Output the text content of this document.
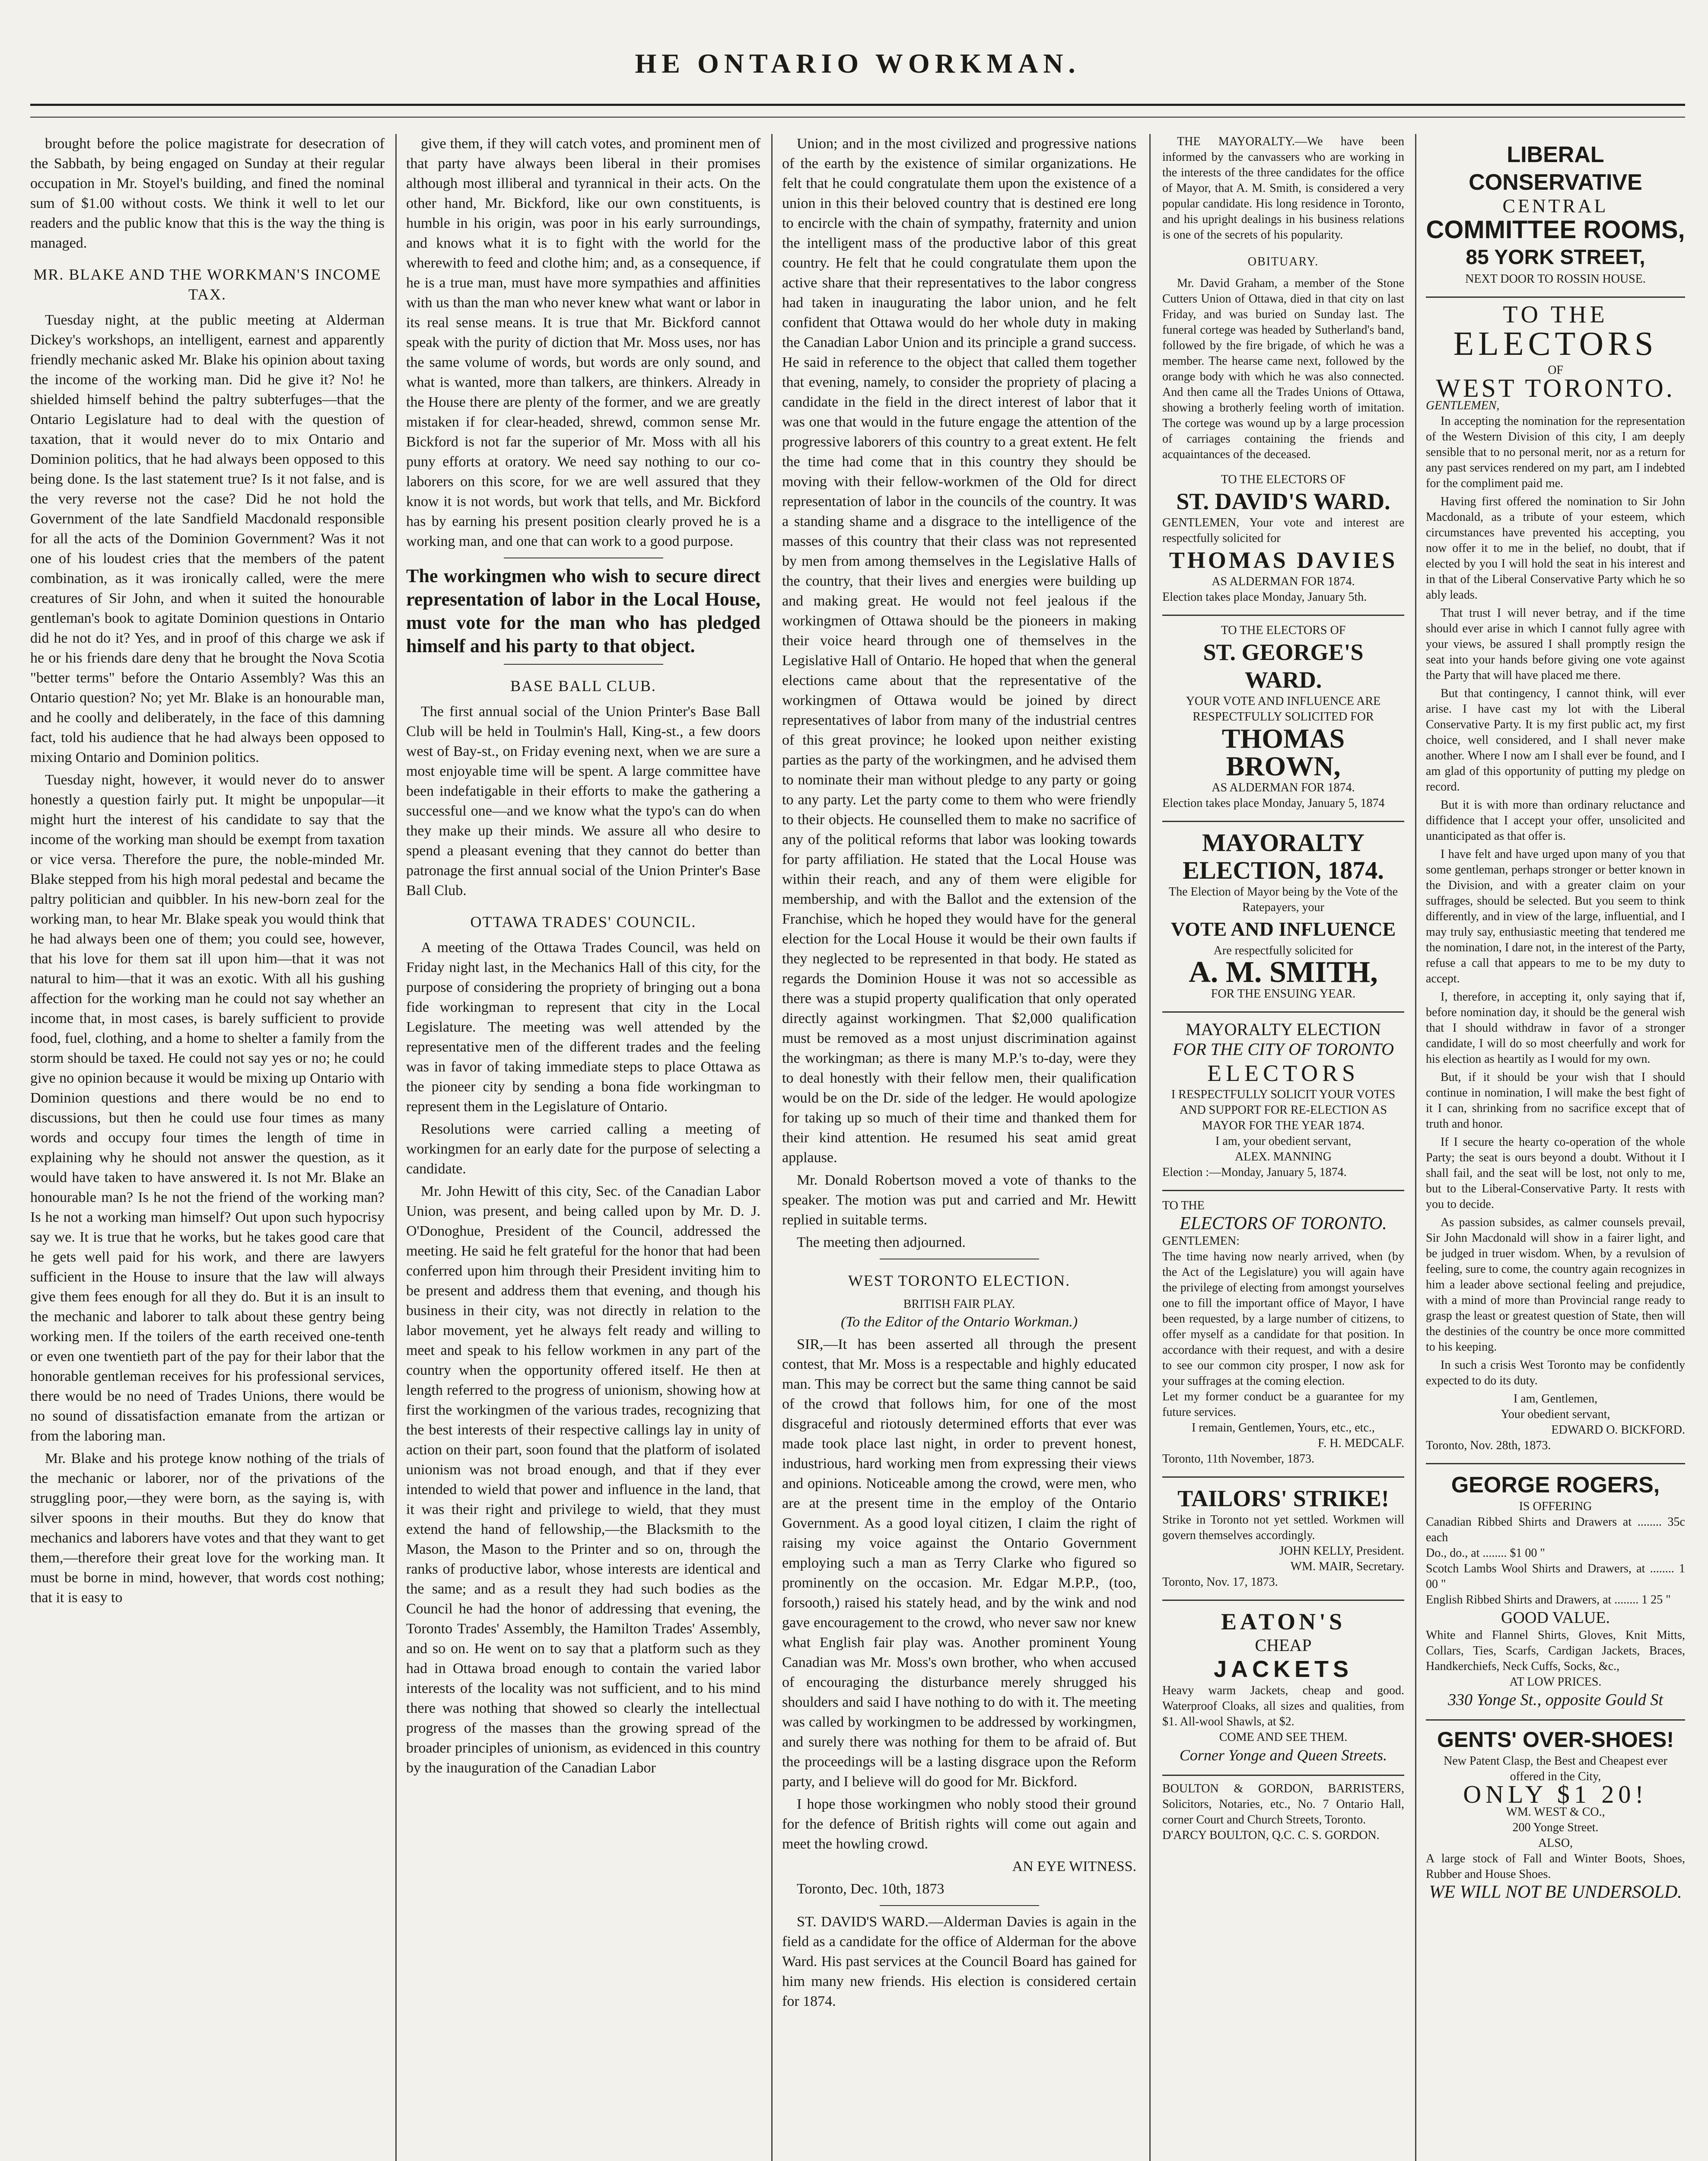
HE ONTARIO WORKMAN.

brought before the police magistrate for desecration of the Sabbath, by being engaged on Sunday at their regular occupation in Mr. Stoyel's building, and fined the nominal sum of $1.00 without costs. We think it well to let our readers and the public know that this is the way the thing is managed.

MR. BLAKE AND THE WORKMAN'S INCOME TAX.

Tuesday night, at the public meeting at Alderman Dickey's workshops, an intelligent, earnest and apparently friendly mechanic asked Mr. Blake his opinion about taxing the income of the working man. Did he give it? No! he shielded himself behind the paltry subterfuges—that the Ontario Legislature had to deal with the question of taxation, that it would never do to mix Ontario and Dominion politics, that he had always been opposed to this being done. Is the last statement true? Is it not false, and is the very reverse not the case? Did he not hold the Government of the late Sandfield Macdonald responsible for all the acts of the Dominion Government? Was it not one of his loudest cries that the members of the patent combination, as it was ironically called, were the mere creatures of Sir John, and when it suited the honourable gentleman's book to agitate Dominion questions in Ontario did he not do it? Yes, and in proof of this charge we ask if he or his friends dare deny that he brought the Nova Scotia "better terms" before the Ontario Assembly? Was this an Ontario question? No; yet Mr. Blake is an honourable man, and he coolly and deliberately, in the face of this damning fact, told his audience that he had always been opposed to mixing Ontario and Dominion politics.

Tuesday night, however, it would never do to answer honestly a question fairly put. It might be unpopular—it might hurt the interest of his candidate to say that the income of the working man should be exempt from taxation or vice versa. Therefore the pure, the noble-minded Mr. Blake stepped from his high moral pedestal and became the paltry politician and quibbler. In his new-born zeal for the working man, to hear Mr. Blake speak you would think that he had always been one of them; you could see, however, that his love for them sat ill upon him—that it was not natural to him—that it was an exotic. With all his gushing affection for the working man he could not say whether an income that, in most cases, is barely sufficient to provide food, fuel, clothing, and a home to shelter a family from the storm should be taxed. He could not say yes or no; he could give no opinion because it would be mixing up Ontario with Dominion questions and there would be no end to discussions, but then he could use four times as many words and occupy four times the length of time in explaining why he should not answer the question, as it would have taken to have answered it. Is not Mr. Blake an honourable man? Is he not the friend of the working man? Is he not a working man himself? Out upon such hypocrisy say we. It is true that he works, but he takes good care that he gets well paid for his work, and there are lawyers sufficient in the House to insure that the law will always give them fees enough for all they do. But it is an insult to the mechanic and laborer to talk about these gentry being working men. If the toilers of the earth received one-tenth or even one twentieth part of the pay for their labor that the honorable gentleman receives for his professional services, there would be no need of Trades Unions, there would be no sound of dissatisfaction emanate from the artizan or from the laboring man.

Mr. Blake and his protege know nothing of the trials of the mechanic or laborer, nor of the privations of the struggling poor,—they were born, as the saying is, with silver spoons in their mouths. But they do know that mechanics and laborers have votes and that they want to get them,—therefore their great love for the working man. It must be borne in mind, however, that words cost nothing; that it is easy to

give them, if they will catch votes, and prominent men of that party have always been liberal in their promises although most illiberal and tyrannical in their acts. On the other hand, Mr. Bickford, like our own constituents, is humble in his origin, was poor in his early surroundings, and knows what it is to fight with the world for the wherewith to feed and clothe him; and, as a consequence, if he is a true man, must have more sympathies and affinities with us than the man who never knew what want or labor in its real sense means. It is true that Mr. Bickford cannot speak with the purity of diction that Mr. Moss uses, nor has the same volume of words, but words are only sound, and what is wanted, more than talkers, are thinkers. Already in the House there are plenty of the former, and we are greatly mistaken if for clear-headed, shrewd, common sense Mr. Bickford is not far the superior of Mr. Moss with all his puny efforts at oratory. We need say nothing to our co-laborers on this score, for we are well assured that they know it is not words, but work that tells, and Mr. Bickford has by earning his present position clearly proved he is a working man, and one that can work to a good purpose.

The workingmen who wish to secure direct representation of labor in the Local House, must vote for the man who has pledged himself and his party to that object.

BASE BALL CLUB.

The first annual social of the Union Printer's Base Ball Club will be held in Toulmin's Hall, King-st., a few doors west of Bay-st., on Friday evening next, when we are sure a most enjoyable time will be spent. A large committee have been indefatigable in their efforts to make the gathering a successful one—and we know what the typo's can do when they make up their minds. We assure all who desire to spend a pleasant evening that they cannot do better than patronage the first annual social of the Union Printer's Base Ball Club.

OTTAWA TRADES' COUNCIL.

A meeting of the Ottawa Trades Council, was held on Friday night last, in the Mechanics Hall of this city, for the purpose of considering the propriety of bringing out a bona fide workingman to represent that city in the Local Legislature. The meeting was well attended by the representative men of the different trades and the feeling was in favor of taking immediate steps to place Ottawa as the pioneer city by sending a bona fide workingman to represent them in the Legislature of Ontario.

Resolutions were carried calling a meeting of workingmen for an early date for the purpose of selecting a candidate.

Mr. John Hewitt of this city, Sec. of the Canadian Labor Union, was present, and being called upon by Mr. D. J. O'Donoghue, President of the Council, addressed the meeting. He said he felt grateful for the honor that had been conferred upon him through their President inviting him to be present and address them that evening, and though his business in their city, was not directly in relation to the labor movement, yet he always felt ready and willing to meet and speak to his fellow workmen in any part of the country when the opportunity offered itself. He then at length referred to the progress of unionism, showing how at first the workingmen of the various trades, recognizing that the best interests of their respective callings lay in unity of action on their part, soon found that the platform of isolated unionism was not broad enough, and that if they ever intended to wield that power and influence in the land, that it was their right and privilege to wield, that they must extend the hand of fellowship,—the Blacksmith to the Mason, the Mason to the Printer and so on, through the ranks of productive labor, whose interests are identical and the same; and as a result they had such bodies as the Council he had the honor of addressing that evening, the Toronto Trades' Assembly, the Hamilton Trades' Assembly, and so on. He went on to say that a platform such as they had in Ottawa broad enough to contain the varied labor interests of the locality was not sufficient, and to his mind there was nothing that showed so clearly the intellectual progress of the masses than the growing spread of the broader principles of unionism, as evidenced in this country by the inauguration of the Canadian Labor

Union; and in the most civilized and progressive nations of the earth by the existence of similar organizations. He felt that he could congratulate them upon the existence of a union in this their beloved country that is destined ere long to encircle with the chain of sympathy, fraternity and union the intelligent mass of the productive labor of this great country. He felt that he could congratulate them upon the active share that their representatives to the labor congress had taken in inaugurating the labor union, and he felt confident that Ottawa would do her whole duty in making the Canadian Labor Union and its principle a grand success. He said in reference to the object that called them together that evening, namely, to consider the propriety of placing a candidate in the field in the direct interest of labor that it was one that would in the future engage the attention of the progressive laborers of this country to a great extent. He felt the time had come that in this country they should be moving with their fellow-workmen of the Old for direct representation of labor in the councils of the country. It was a standing shame and a disgrace to the intelligence of the masses of this country that their class was not represented by men from among themselves in the Legislative Halls of the country, that their lives and energies were building up and making great. He would not feel jealous if the workingmen of Ottawa should be the pioneers in making their voice heard through one of themselves in the Legislative Hall of Ontario. He hoped that when the general elections came about that the representative of the workingmen of Ottawa would be joined by direct representatives of labor from many of the industrial centres of this great province; he looked upon neither existing parties as the party of the workingmen, and he advised them to nominate their man without pledge to any party or going to any party. Let the party come to them who were friendly to their objects. He counselled them to make no sacrifice of any of the political reforms that labor was looking towards for party affiliation. He stated that the Local House was within their reach, and any of them were eligible for membership, and with the Ballot and the extension of the Franchise, which he hoped they would have for the general election for the Local House it would be their own faults if they neglected to be represented in that body. He stated as regards the Dominion House it was not so accessible as there was a stupid property qualification that only operated directly against workingmen. That $2,000 qualification must be removed as a most unjust discrimination against the workingman; as there is many M.P.'s to-day, were they to deal honestly with their fellow men, their qualification would be on the Dr. side of the ledger. He would apologize for taking up so much of their time and thanked them for their kind attention. He resumed his seat amid great applause.

Mr. Donald Robertson moved a vote of thanks to the speaker. The motion was put and carried and Mr. Hewitt replied in suitable terms.

The meeting then adjourned.

WEST TORONTO ELECTION.
BRITISH FAIR PLAY.

(To the Editor of the Ontario Workman.)

SIR,—It has been asserted all through the present contest, that Mr. Moss is a respectable and highly educated man. This may be correct but the same thing cannot be said of the crowd that follows him, for one of the most disgraceful and riotously determined efforts that ever was made took place last night, in order to prevent honest, industrious, hard working men from expressing their views and opinions. Noticeable among the crowd, were men, who are at the present time in the employ of the Ontario Government. As a good loyal citizen, I claim the right of raising my voice against the Ontario Government employing such a man as Terry Clarke who figured so prominently on the occasion. Mr. Edgar M.P.P., (too, forsooth,) raised his stately head, and by the wink and nod gave encouragement to the crowd, who never saw nor knew what English fair play was. Another prominent Young Canadian was Mr. Moss's own brother, who when accused of encouraging the disturbance merely shrugged his shoulders and said I have nothing to do with it. The meeting was called by workingmen to be addressed by workingmen, and surely there was nothing for them to be afraid of. But the proceedings will be a lasting disgrace upon the Reform party, and I believe will do good for Mr. Bickford.

I hope those workingmen who nobly stood their ground for the defence of British rights will come out again and meet the howling crowd.

AN EYE WITNESS.

Toronto, Dec. 10th, 1873

ST. DAVID'S WARD.—Alderman Davies is again in the field as a candidate for the office of Alderman for the above Ward. His past services at the Council Board has gained for him many new friends. His election is considered certain for 1874.

THE MAYORALTY.—We have been informed by the canvassers who are working in the interests of the three candidates for the office of Mayor, that A. M. Smith, is considered a very popular candidate. His long residence in Toronto, and his upright dealings in his business relations is one of the secrets of his popularity.

OBITUARY.

Mr. David Graham, a member of the Stone Cutters Union of Ottawa, died in that city on last Friday, and was buried on Sunday last. The funeral cortege was headed by Sutherland's band, followed by the fire brigade, of which he was a member. The hearse came next, followed by the orange body with which he was also connected. And then came all the Trades Unions of Ottawa, showing a brotherly feeling worth of imitation. The cortege was wound up by a large procession of carriages containing the friends and acquaintances of the deceased.

TO THE ELECTORS OF
ST. DAVID'S WARD.
GENTLEMEN, Your vote and interest are respectfully solicited for
THOMAS DAVIES
AS ALDERMAN FOR 1874.
Election takes place Monday, January 5th.
TO THE ELECTORS OF
ST. GEORGE'S WARD.
YOUR VOTE AND INFLUENCE ARE RESPECTFULLY SOLICITED FOR
THOMAS BROWN,
AS ALDERMAN FOR 1874.
Election takes place Monday, January 5, 1874
MAYORALTY ELECTION, 1874.
The Election of Mayor being by the Vote of the Ratepayers, your
VOTE AND INFLUENCE
Are respectfully solicited for
A. M. SMITH,
FOR THE ENSUING YEAR.
MAYORALTY ELECTION
FOR THE CITY OF TORONTO
ELECTORS
I RESPECTFULLY SOLICIT YOUR VOTES AND SUPPORT FOR RE-ELECTION AS MAYOR FOR THE YEAR 1874.
I am, your obedient servant,
ALEX. MANNING
Election :—Monday, January 5, 1874.
TO THE
ELECTORS OF TORONTO.
GENTLEMEN:
The time having now nearly arrived, when (by the Act of the Legislature) you will again have the privilege of electing from amongst yourselves one to fill the important office of Mayor, I have been requested, by a large number of citizens, to offer myself as a candidate for that position. In accordance with their request, and with a desire to see our common city prosper, I now ask for your suffrages at the coming election.
Let my former conduct be a guarantee for my future services.
I remain, Gentlemen, Yours, etc., etc.,
F. H. MEDCALF.
Toronto, 11th November, 1873.
TAILORS' STRIKE!
Strike in Toronto not yet settled. Workmen will govern themselves accordingly.
JOHN KELLY, President.
WM. MAIR, Secretary.
Toronto, Nov. 17, 1873.
EATON'S
CHEAP
JACKETS
Heavy warm Jackets, cheap and good. Waterproof Cloaks, all sizes and qualities, from $1. All-wool Shawls, at $2.
COME AND SEE THEM.
Corner Yonge and Queen Streets.
BOULTON & GORDON, BARRISTERS, Solicitors, Notaries, etc., No. 7 Ontario Hall, corner Court and Church Streets, Toronto.
D'ARCY BOULTON, Q.C. C. S. GORDON.
LIBERAL CONSERVATIVE
CENTRAL
COMMITTEE ROOMS,
85 YORK STREET,
NEXT DOOR TO ROSSIN HOUSE.
TO THE
ELECTORS
OF
WEST TORONTO.
GENTLEMEN,

In accepting the nomination for the representation of the Western Division of this city, I am deeply sensible that to no personal merit, nor as a return for any past services rendered on my part, am I indebted for the compliment paid me.

Having first offered the nomination to Sir John Macdonald, as a tribute of your esteem, which circumstances have prevented his accepting, you now offer it to me in the belief, no doubt, that if elected by you I will hold the seat in his interest and in that of the Liberal Conservative Party which he so ably leads.

That trust I will never betray, and if the time should ever arise in which I cannot fully agree with your views, be assured I shall promptly resign the seat into your hands before giving one vote against the Party that will have placed me there.

But that contingency, I cannot think, will ever arise. I have cast my lot with the Liberal Conservative Party. It is my first public act, my first choice, well considered, and I shall never make another. Where I now am I shall ever be found, and I am glad of this opportunity of putting my pledge on record.

But it is with more than ordinary reluctance and diffidence that I accept your offer, unsolicited and unanticipated as that offer is.

I have felt and have urged upon many of you that some gentleman, perhaps stronger or better known in the Division, and with a greater claim on your suffrages, should be selected. But you seem to think differently, and in view of the large, influential, and I may truly say, enthusiastic meeting that tendered me the nomination, I dare not, in the interest of the Party, refuse a call that appears to me to be my duty to accept.

I, therefore, in accepting it, only saying that if, before nomination day, it should be the general wish that I should withdraw in favor of a stronger candidate, I will do so most cheerfully and work for his election as heartily as I would for my own.

But, if it should be your wish that I should continue in nomination, I will make the best fight of it I can, shrinking from no sacrifice except that of truth and honor.

If I secure the hearty co-operation of the whole Party; the seat is ours beyond a doubt. Without it I shall fail, and the seat will be lost, not only to me, but to the Liberal-Conservative Party. It rests with you to decide.

As passion subsides, as calmer counsels prevail, Sir John Macdonald will show in a fairer light, and be judged in truer wisdom. When, by a revulsion of feeling, sure to come, the country again recognizes in him a leader above sectional feeling and prejudice, with a mind of more than Provincial range ready to grasp the least or greatest question of State, then will the destinies of the country be once more committed to his keeping.

In such a crisis West Toronto may be confidently expected to do its duty.

I am, Gentlemen,
Your obedient servant,
EDWARD O. BICKFORD.
Toronto, Nov. 28th, 1873.
GEORGE ROGERS,
IS OFFERING
Canadian Ribbed Shirts and Drawers at ........ 35c each
Do., do., at ........ $1 00 "
Scotch Lambs Wool Shirts and Drawers, at ........ 1 00 "
English Ribbed Shirts and Drawers, at ........ 1 25 "
GOOD VALUE.
White and Flannel Shirts, Gloves, Knit Mitts, Collars, Ties, Scarfs, Cardigan Jackets, Braces, Handkerchiefs, Neck Cuffs, Socks, &c.,
AT LOW PRICES.
330 Yonge St., opposite Gould St
GENTS' OVER-SHOES!
New Patent Clasp, the Best and Cheapest ever offered in the City,
ONLY $1 20!
WM. WEST & CO.,
200 Yonge Street.
ALSO,
A large stock of Fall and Winter Boots, Shoes, Rubber and House Shoes.
WE WILL NOT BE UNDERSOLD.
